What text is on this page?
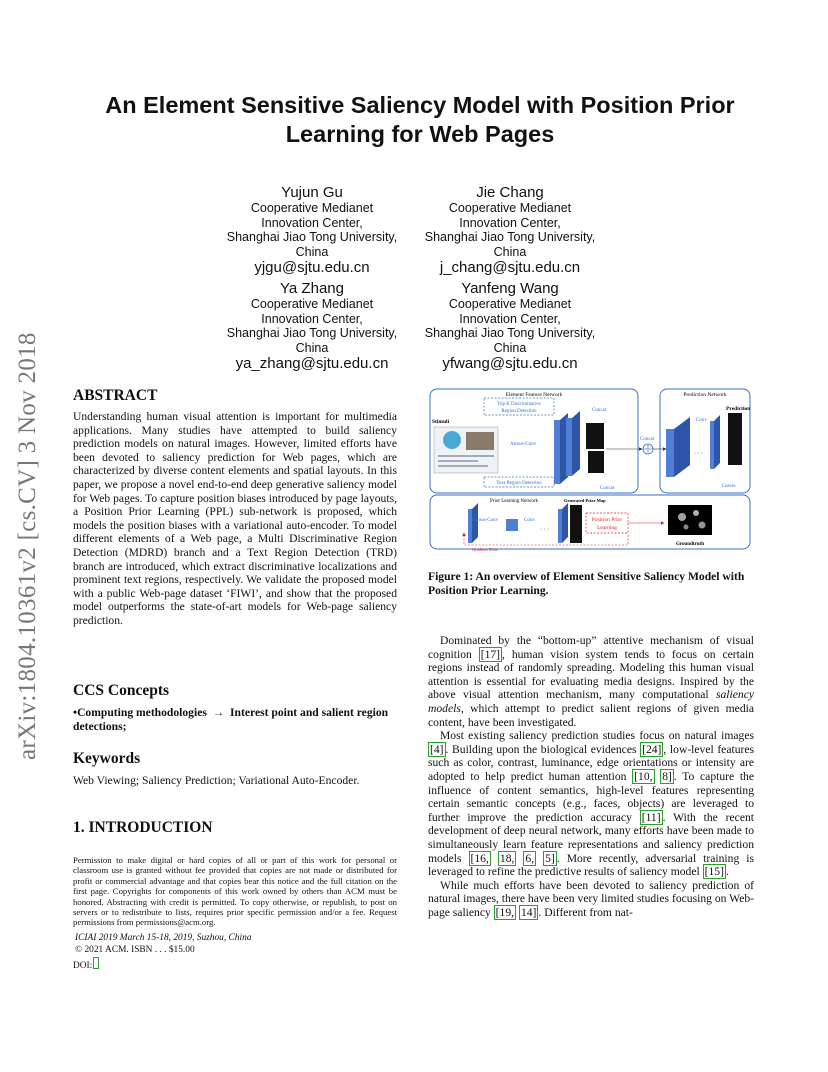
arXiv:1804.10361v2 [cs.CV] 3 Nov 2018
An Element Sensitive Saliency Model with Position Prior
Learning for Web Pages
Yujun Gu
Cooperative Medianet
Innovation Center,
Shanghai Jiao Tong University,
China
yjgu@sjtu.edu.cn
Jie Chang
Cooperative Medianet
Innovation Center,
Shanghai Jiao Tong University,
China
j_chang@sjtu.edu.cn
Ya Zhang
Cooperative Medianet
Innovation Center,
Shanghai Jiao Tong University,
China
ya_zhang@sjtu.edu.cn
Yanfeng Wang
Cooperative Medianet
Innovation Center,
Shanghai Jiao Tong University,
China
yfwang@sjtu.edu.cn
ABSTRACT

Understanding human visual attention is important for multimedia applications. Many studies have attempted to build saliency prediction models on natural images. However, limited efforts have been devoted to saliency prediction for Web pages, which are characterized by diverse content elements and spatial layouts. In this paper, we propose a novel end-to-end deep generative saliency model for Web pages. To capture position biases introduced by page layouts, a Position Prior Learning (PPL) sub-network is proposed, which models the position biases with a variational auto-encoder. To model different elements of a Web page, a Multi Discriminative Region Detection (MDRD) branch and a Text Region Detection (TRD) branch are introduced, which extract discriminative localizations and prominent text regions, respectively. We validate the proposed model with a public Web-page dataset ‘FIWI’, and show that the proposed model outperforms the state-of-art models for Web-page saliency prediction.

CCS Concepts

•Computing methodologies → Interest point and salient region detections;

Keywords

Web Viewing; Saliency Prediction; Variational Auto-Encoder.

1. INTRODUCTION

Permission to make digital or hard copies of all or part of this work for personal or classroom use is granted without fee provided that copies are not made or distributed for profit or commercial advantage and that copies bear this notice and the full citation on the first page. Copyrights for components of this work owned by others than ACM must be honored. Abstracting with credit is permitted. To copy otherwise, or republish, to post on servers or to redistribute to lists, requires prior specific permission and/or a fee. Request permissions from permissions@acm.org.

ICIAI 2019 March 15-18, 2019, Suzhou, China

© 2021 ACM. ISBN . . . $15.00

DOI:

Element Feature Network	Prediction Network
Top K Discriminative
Region Detection
Stimuli
Atrous-Conv
Concat
Concat
Text Region Detection
Concat
Conv
Prediction
· · ·
Losses
Prior Learning Network	Generated Prior Map
Atrous-Conv	Conv
· · ·
Position Prior
Learning
Gradient Flow
Groundtruth

Figure 1: An overview of Element Sensitive Saliency Model with Position Prior Learning.

Dominated by the “bottom-up” attentive mechanism of visual cognition [17] , human vision system tends to focus on certain regions instead of randomly spreading. Modeling this human visual attention is essential for evaluating media designs. Inspired by the above visual attention mechanism, many computational saliency models, which attempt to predict salient regions of given media content, have been investigated.

Most existing saliency prediction studies focus on natural images [4] . Building upon the biological evidences [24] , low-level features such as color, contrast, luminance, edge orientations or intensity are adopted to help predict human attention [10, 8] . To capture the influence of content semantics, high-level features representing certain semantic concepts (e.g., faces, objects) are leveraged to further improve the prediction accuracy [11] . With the recent development of deep neural network, many efforts have been made to simultaneously learn feature representations and saliency prediction models [16, 18, 6, 5] . More recently, adversarial training is leveraged to refine the predictive results of saliency model [15] .

While much efforts have been devoted to saliency prediction of natural images, there have been very limited studies focusing on Web-page saliency [19, 14] . Different from nat-
